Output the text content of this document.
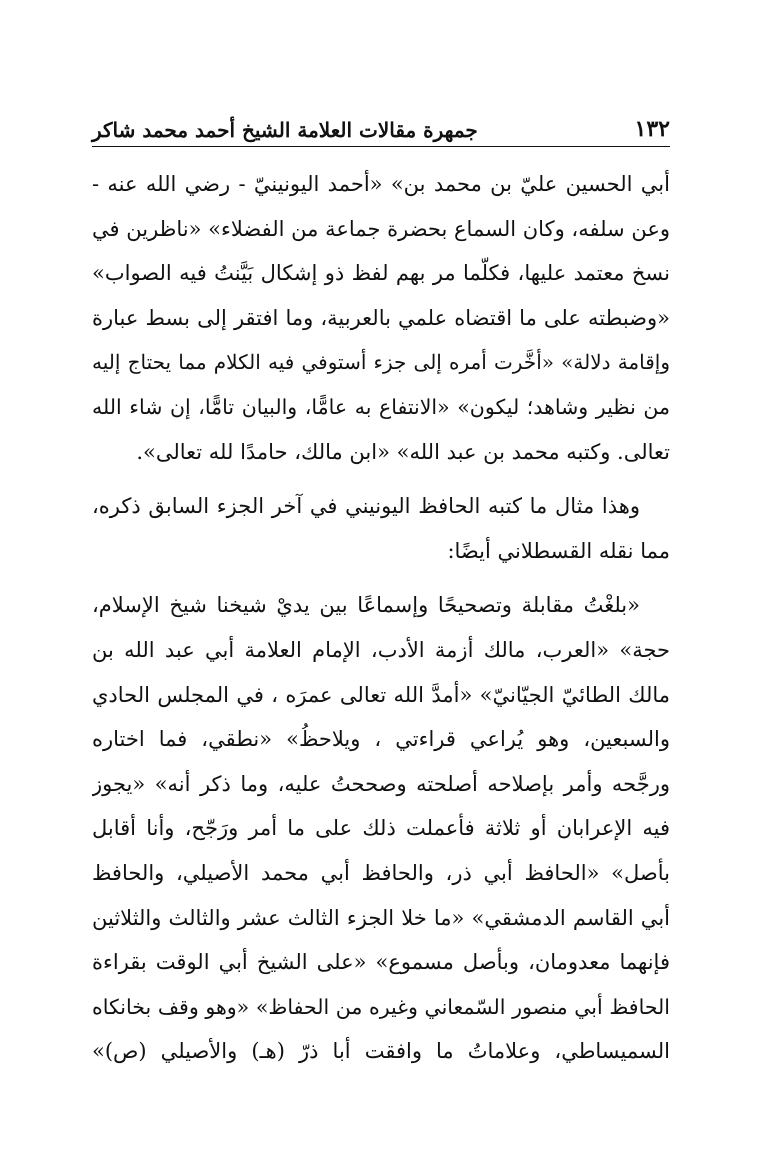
١٣٢
جمهرة مقالات العلامة الشيخ أحمد محمد شاكر
أبي الحسين عليّ بن محمد بن» «أحمد اليونينيّ - رضي الله عنه -
وعن سلفه، وكان السماع بحضرة جماعة من الفضلاء» «ناظرين في
نسخ معتمد عليها، فكلّما مر بهم لفظ ذو إشكال بَيَّنتُ فيه الصواب»
«وضبطته على ما اقتضاه علمي بالعربية، وما افتقر إلى بسط عبارة
وإقامة دلالة» «أخَّرت أمره إلى جزء أستوفي فيه الكلام مما يحتاج إليه
من نظير وشاهد؛ ليكون» «الانتفاع به عامًّا، والبيان تامًّا، إن شاء الله
تعالى. وكتبه محمد بن عبد الله» «ابن مالك، حامدًا لله تعالى».
وهذا مثال ما كتبه الحافظ اليونيني في آخر الجزء السابق ذكره،
مما نقله القسطلاني أيضًا:
«بلغْتُ مقابلة وتصحيحًا وإسماعًا بين يديْ شيخنا شيخ الإسلام،
حجة» «العرب، مالك أزمة الأدب، الإمام العلامة أبي عبد الله بن
مالك الطائيّ الجيّانيّ» «أمدَّ الله تعالى عمرَه ، في المجلس الحادي
والسبعين، وهو يُراعي قراءتي ، ويلاحظُ» «نطقي، فما اختاره
ورجَّحه وأمر بإصلاحه أصلحته وصححتُ عليه، وما ذكر أنه» «يجوز
فيه الإعرابان أو ثلاثة فأعملت ذلك على ما أمر ورَجّح، وأنا أقابل
بأصل» «الحافظ أبي ذر، والحافظ أبي محمد الأصيلي، والحافظ
أبي القاسم الدمشقي» «ما خلا الجزء الثالث عشر والثالث والثلاثين
فإنهما معدومان، وبأصل مسموع» «على الشيخ أبي الوقت بقراءة
الحافظ أبي منصور السّمعاني وغيره من الحفاظ» «وهو وقف بخانكاه
السميساطي، وعلاماتُ ما وافقت أبا ذرّ (هـ) والأصيلي (ص)»
